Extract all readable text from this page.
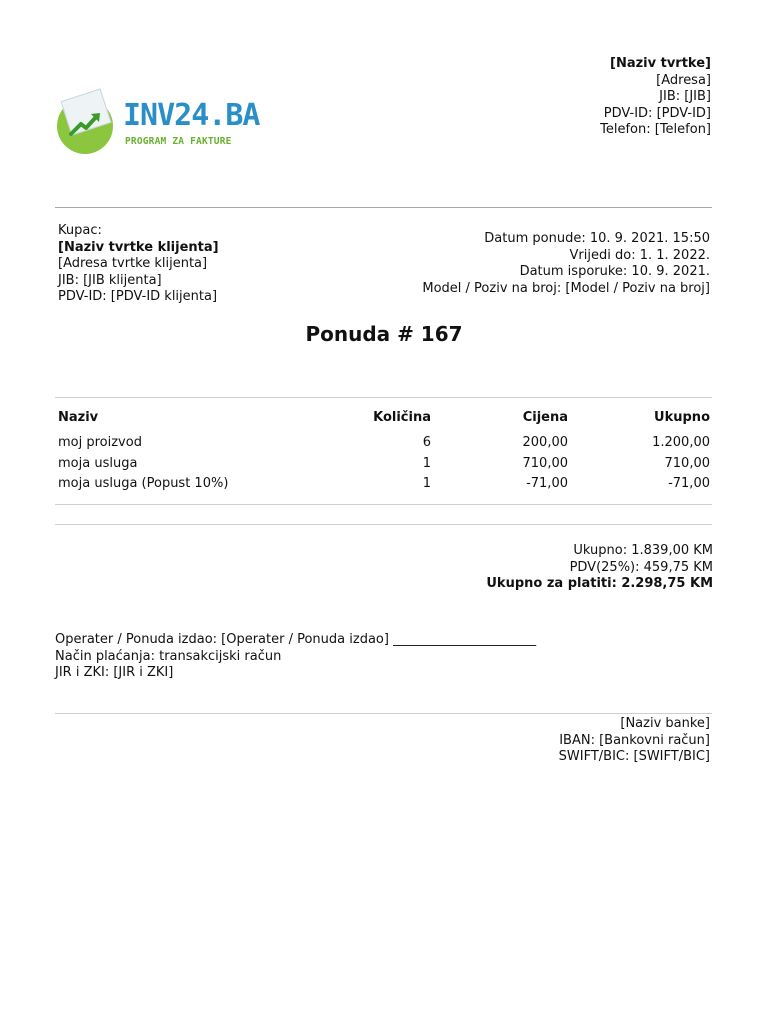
INV24.BA
PROGRAM ZA FAKTURE
[Naziv tvrtke]
[Adresa]
JIB: [JIB]
PDV-ID: [PDV-ID]
Telefon: [Telefon]
Kupac:
[Naziv tvrtke klijenta]
[Adresa tvrtke klijenta]
JIB: [JIB klijenta]
PDV-ID: [PDV-ID klijenta]
Datum ponude: 10. 9. 2021. 15:50
Vrijedi do: 1. 1. 2022.
Datum isporuke: 10. 9. 2021.
Model / Poziv na broj: [Model / Poziv na broj]
Ponuda # 167
Naziv	Količina	Cijena	Ukupno
moj proizvod	6	200,00	1.200,00
moja usluga	1	710,00	710,00
moja usluga (Popust 10%)	1	-71,00	-71,00
Ukupno: 1.839,00 KM
PDV(25%): 459,75 KM
Ukupno za platiti: 2.298,75 KM
Operater / Ponuda izdao: [Operater / Ponuda izdao] ______________________
Način plaćanja: transakcijski račun
JIR i ZKI: [JIR i ZKI]
[Naziv banke]
IBAN: [Bankovni račun]
SWIFT/BIC: [SWIFT/BIC]
